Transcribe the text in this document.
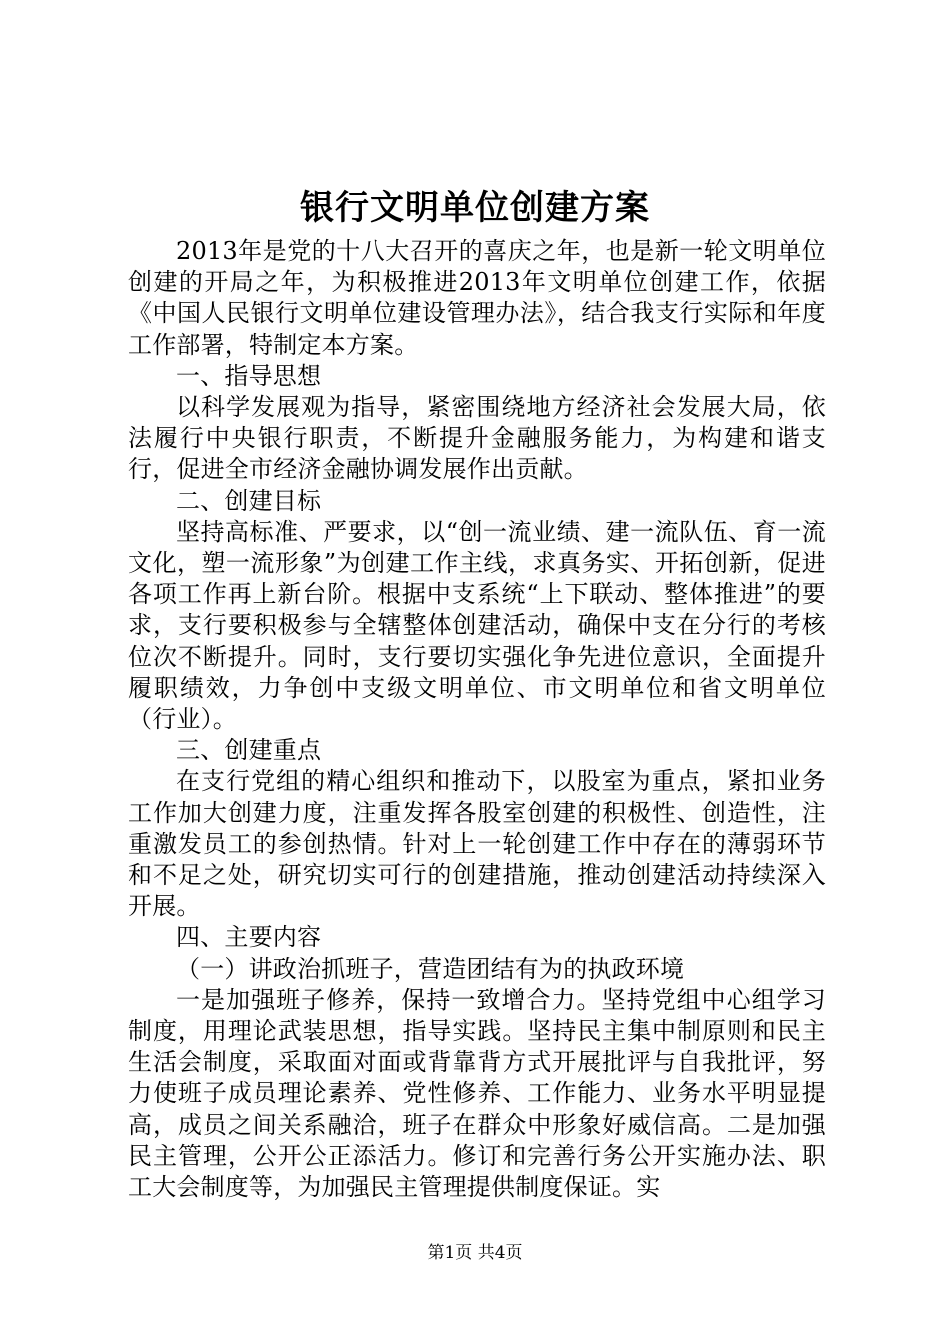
银行文明单位创建方案

2013年是党的十八大召开的喜庆之年，也是新一轮文明单位创建的开局之年，为积极推进2013年文明单位创建工作，依据《中国人民银行文明单位建设管理办法》，结合我支行实际和年度工作部署，特制定本方案。

一、指导思想

以科学发展观为指导，紧密围绕地方经济社会发展大局，依法履行中央银行职责，不断提升金融服务能力，为构建和谐支行，促进全市经济金融协调发展作出贡献。

二、创建目标

坚持高标准、严要求，以“创一流业绩、建一流队伍、育一流文化，塑一流形象”为创建工作主线，求真务实、开拓创新，促进各项工作再上新台阶。根据中支系统“上下联动、整体推进”的要求，支行要积极参与全辖整体创建活动，确保中支在分行的考核位次不断提升。同时，支行要切实强化争先进位意识，全面提升履职绩效，力争创中支级文明单位、市文明单位和省文明单位（行业）。

三、创建重点

在支行党组的精心组织和推动下，以股室为重点，紧扣业务工作加大创建力度，注重发挥各股室创建的积极性、创造性，注重激发员工的参创热情。针对上一轮创建工作中存在的薄弱环节和不足之处，研究切实可行的创建措施，推动创建活动持续深入开展。

四、主要内容

（一）讲政治抓班子，营造团结有为的执政环境

一是加强班子修养，保持一致增合力。坚持党组中心组学习制度，用理论武装思想，指导实践。坚持民主集中制原则和民主生活会制度，采取面对面或背靠背方式开展批评与自我批评，努力使班子成员理论素养、党性修养、工作能力、业务水平明显提高，成员之间关系融洽，班子在群众中形象好威信高。二是加强民主管理，公开公正添活力。修订和完善行务公开实施办法、职工大会制度等，为加强民主管理提供制度保证。实

第1页 共4页
